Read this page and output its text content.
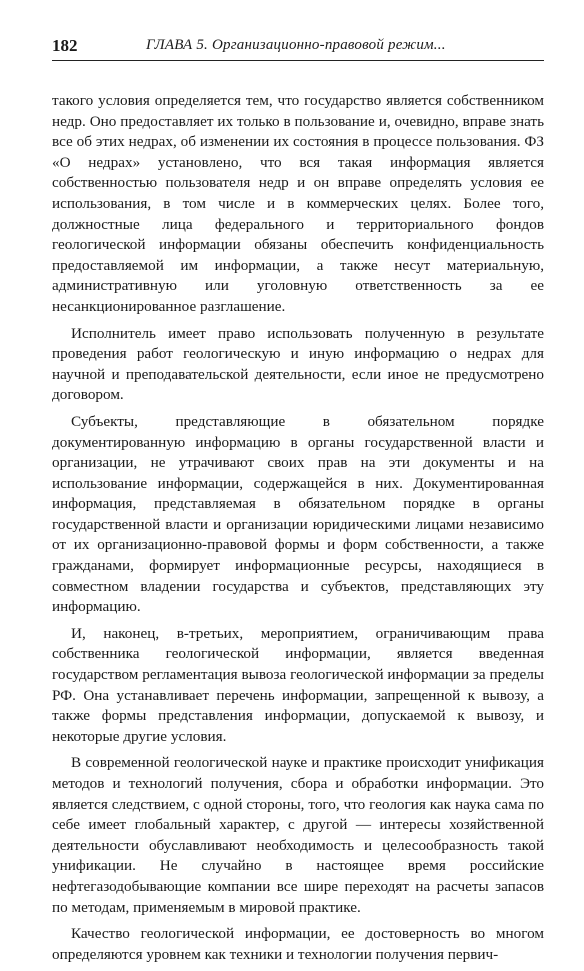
182	ГЛАВА 5. Организационно-правовой режим...

такого условия определяется тем, что государство является собственником недр. Оно предоставляет их только в пользование и, очевидно, вправе знать все об этих недрах, об изменении их состояния в процессе пользования. ФЗ «О недрах» установлено, что вся такая информация является собственностью пользователя недр и он вправе определять условия ее использования, в том числе и в коммерческих целях. Более того, должностные лица федерального и территориального фондов геологической информации обязаны обеспечить конфиденциальность предоставляемой им информации, а также несут материальную, административную или уголовную ответственность за ее несанкционированное разглашение.

Исполнитель имеет право использовать полученную в результате проведения работ геологическую и иную информацию о недрах для научной и преподавательской деятельности, если иное не предусмотрено договором.

Субъекты, представляющие в обязательном порядке документированную информацию в органы государственной власти и организации, не утрачивают своих прав на эти документы и на использование информации, содержащейся в них. Документированная информация, представляемая в обязательном порядке в органы государственной власти и организации юридическими лицами независимо от их организационно-правовой формы и форм собственности, а также гражданами, формирует информационные ресурсы, находящиеся в совместном владении государства и субъектов, представляющих эту информацию.

И, наконец, в-третьих, мероприятием, ограничивающим права собственника геологической информации, является введенная государством регламентация вывоза геологической информации за пределы РФ. Она устанавливает перечень информации, запрещенной к вывозу, а также формы представления информации, допускаемой к вывозу, и некоторые другие условия.

В современной геологической науке и практике происходит унификация методов и технологий получения, сбора и обработки информации. Это является следствием, с одной стороны, того, что геология как наука сама по себе имеет глобальный характер, с другой — интересы хозяйственной деятельности обуславливают необходимость и целесообразность такой унификации. Не случайно в настоящее время российские нефтегазодобывающие компании все шире переходят на расчеты запасов по методам, применяемым в мировой практике.

Качество геологической информации, ее достоверность во многом определяются уровнем как техники и технологии получения первич-
